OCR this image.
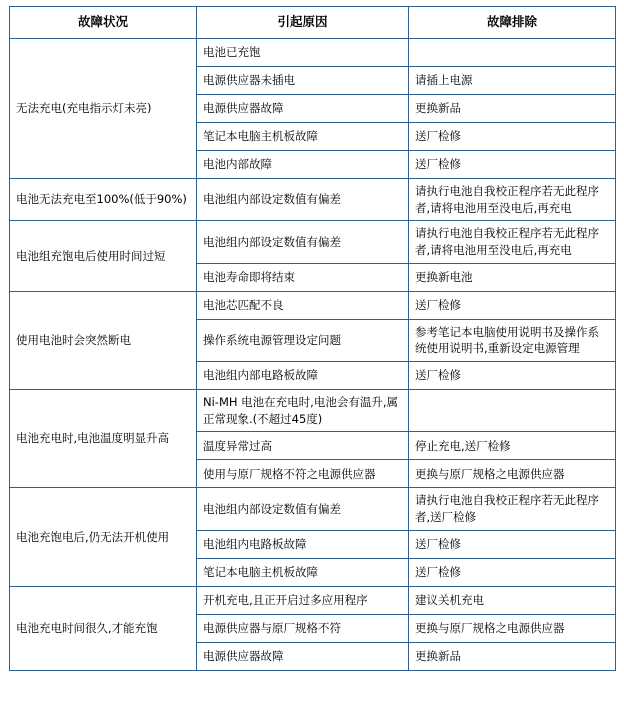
故障状况	引起原因	故障排除
无法充电(充电指示灯未亮)	电池已充饱	
	电源供应器未插电	请插上电源
	电源供应器故障	更换新品
	笔记本电脑主机板故障	送厂检修
	电池内部故障	送厂检修
电池无法充电至100%(低于90%)	电池组内部设定数值有偏差	请执行电池自我校正程序若无此程序者,请将电池用至没电后,再充电
电池组充饱电后使用时间过短	电池组内部设定数值有偏差	请执行电池自我校正程序若无此程序者,请将电池用至没电后,再充电
	电池寿命即将结束	更换新电池
使用电池时会突然断电	电池芯匹配不良	送厂检修
	操作系统电源管理设定问题	参考笔记本电脑使用说明书及操作系统使用说明书,重新设定电源管理
	电池组内部电路板故障	送厂检修
电池充电时,电池温度明显升高	Ni-MH 电池在充电时,电池会有温升,属正常现象.(不超过45度)	
	温度异常过高	停止充电,送厂检修
	使用与原厂规格不符之电源供应器	更换与原厂规格之电源供应器
电池充饱电后,仍无法开机使用	电池组内部设定数值有偏差	请执行电池自我校正程序若无此程序者,送厂检修
	电池组内电路板故障	送厂检修
	笔记本电脑主机板故障	送厂检修
电池充电时间很久,才能充饱	开机充电,且正开启过多应用程序	建议关机充电
	电源供应器与原厂规格不符	更换与原厂规格之电源供应器
	电源供应器故障	更换新品
